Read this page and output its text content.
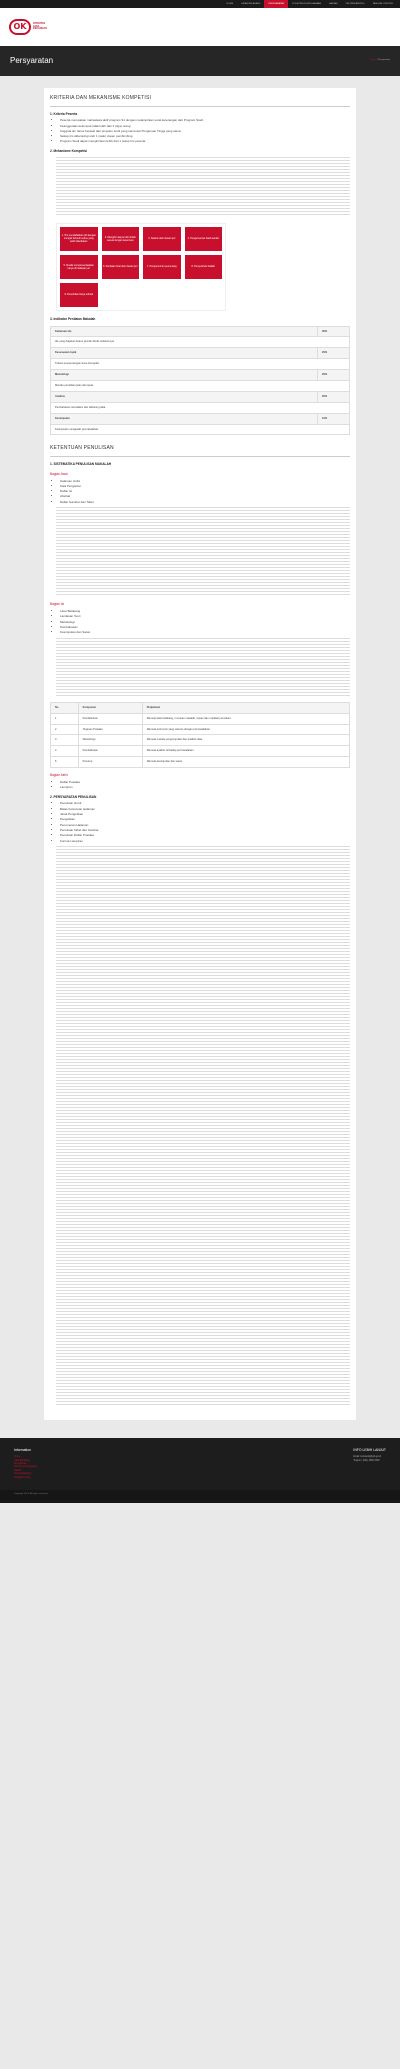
HOME	LATAR BELAKANG	PERSYARATAN	POLA PENYELENGGARAAN	HADIAH	TIM PENDAMPING	TANGGAL PENTING
OK	OTORITAS
JASA
KEUANGAN
Persyaratan	Home / Persyaratan
KRITERIA DAN MEKANISME KOMPETISI
1. Kriteria Peserta
• Peserta merupakan mahasiswa aktif program S1 dengan melampirkan surat keterangan dari Program Studi.
• Keanggotaan kelompok tidak lebih dari 3 (tiga) orang.
• Anggota tim harus berasal dari program studi yang sama dari Perguruan Tinggi yang sama.
• Setiap tim didampingi oleh 1 (satu) dosen pembimbing.
• Program Studi dapat mengirimkan lebih dari 1 (satu) tim peserta.
2. Mekanisme Kompetisi
1. Tim mendaftarkan diri dengan mengisi formulir online yang telah disediakan
2. Mengirim karya tulis ilmiah sesuai dengan ketentuan	3. Seleksi oleh dewan juri	4. Pengumuman hasil seleksi
5. Finalis mempresentasikan karya di hadapan juri	6. Penilaian final oleh dewan juri	7. Pengumuman pemenang	8. Penyerahan hadiah
9. Penerbitan karya terbaik
3. Indikator Penilaian Makalah
Kebaruan ide	30%
Ide yang diajukan belum pernah ditulis sebelumnya.	
Kesesuaian topik	20%
Tulisan sesuai dengan tema kompetisi.	
Metodologi	20%
Metode penelitian jelas dan tepat.	
Analisis	20%
Pembahasan mendalam dan didukung data.	
Kesimpulan	10%
Kesimpulan menjawab permasalahan.	
KETENTUAN PENULISAN
1. SISTEMATIKA PENULISAN MAKALAH
Bagian Awal
• Halaman Judul
• Kata Pengantar
• Daftar Isi
• Abstrak
• Daftar Gambar dan Tabel
Bagian Isi
• Latar Belakang
• Landasan Teori
• Metodologi
• Pembahasan
• Kesimpulan dan Saran
No	Komponen	Penjelasan
1	Pendahuluan	Memuat latar belakang, rumusan masalah, tujuan dan manfaat penulisan.
2	Tinjauan Pustaka	Memuat teori-teori yang relevan dengan permasalahan.
3	Metodologi	Memuat metode pengumpulan dan analisis data.
4	Pembahasan	Memuat analisis terhadap permasalahan.
5	Penutup	Memuat kesimpulan dan saran.
Bagian Akhir
• Daftar Pustaka
• Lampiran
2. PERSYARATAN PENULISAN
• Penulisan Huruf
• Batas Ketentuan Halaman
• Jarak Pengetikan
• Pengetikan
• Penomoran Halaman
• Penulisan Tabel dan Gambar
• Penulisan Daftar Pustaka
• Format Lampiran
Information
Home
Latar Belakang
Persyaratan
Pola Penyelenggaraan
Hadiah
Tim Pendamping
Tanggal Penting
INFO LEBIH LANJUT
Email: kompetisi@ojk.go.id
Telepon: (021) 2960 0000
Copyright 2014. All rights reserved.
